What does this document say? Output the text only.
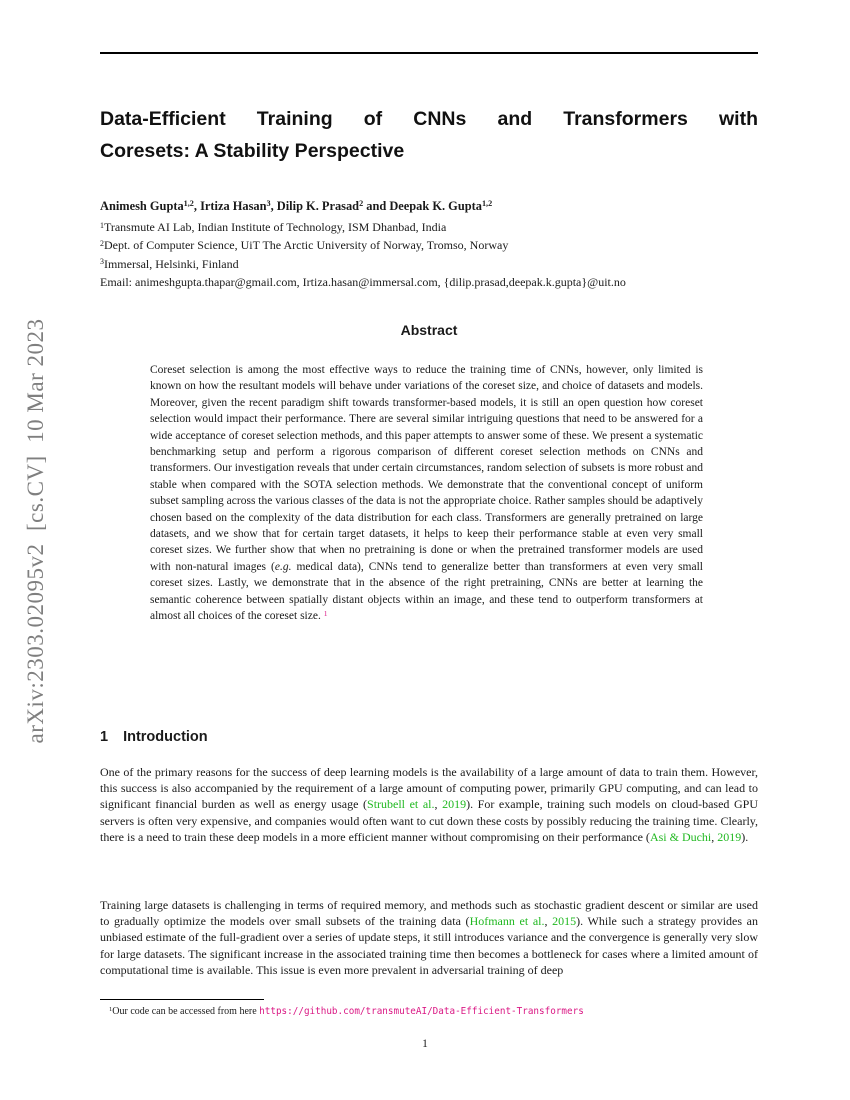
arXiv:2303.02095v2  [cs.CV]  10 Mar 2023
Data-Efficient Training of CNNs and Transformers with
Coresets: A Stability Perspective
Animesh Gupta$^{1,2}$, Irtiza Hasan$^3$, Dilip K. Prasad$^2$ and Deepak K. Gupta$^{1,2}$
$^1$Transmute AI Lab, Indian Institute of Technology, ISM Dhanbad, India
$^2$Dept. of Computer Science, UiT The Arctic University of Norway, Tromso, Norway
$^3$Immersal, Helsinki, Finland
Email: animeshgupta.thapar@gmail.com, Irtiza.hasan@immersal.com, {dilip.prasad,deepak.k.gupta}@uit.no
Abstract
Coreset selection is among the most effective ways to reduce the training time of CNNs, however, only limited is known on how the resultant models will behave under variations of the coreset size, and choice of datasets and models. Moreover, given the recent paradigm shift towards transformer-based models, it is still an open question how coreset selection would impact their performance. There are several similar intriguing questions that need to be answered for a wide acceptance of coreset selection methods, and this paper attempts to answer some of these. We present a systematic benchmarking setup and perform a rigorous comparison of different coreset selection methods on CNNs and transformers. Our investigation reveals that under certain circumstances, random selection of subsets is more robust and stable when compared with the SOTA selection methods. We demonstrate that the conventional concept of uniform subset sampling across the various classes of the data is not the appropriate choice. Rather samples should be adaptively chosen based on the complexity of the data distribution for each class. Transformers are generally pretrained on large datasets, and we show that for certain target datasets, it helps to keep their performance stable at even very small coreset sizes. We further show that when no pretraining is done or when the pretrained transformer models are used with non-natural images (e.g. medical data), CNNs tend to generalize better than transformers at even very small coreset sizes. Lastly, we demonstrate that in the absence of the right pretraining, CNNs are better at learning the semantic coherence between spatially distant objects within an image, and these tend to outperform transformers at almost all choices of the coreset size. $^1$
1 Introduction
One of the primary reasons for the success of deep learning models is the availability of a large amount of data to train them. However, this success is also accompanied by the requirement of a large amount of computing power, primarily GPU computing, and can lead to significant financial burden as well as energy usage (Strubell et al., 2019). For example, training such models on cloud-based GPU servers is often very expensive, and companies would often want to cut down these costs by possibly reducing the training time. Clearly, there is a need to train these deep models in a more efficient manner without compromising on their performance (Asi & Duchi, 2019).
Training large datasets is challenging in terms of required memory, and methods such as stochastic gradient descent or similar are used to gradually optimize the models over small subsets of the training data (Hofmann et al., 2015). While such a strategy provides an unbiased estimate of the full-gradient over a series of update steps, it still introduces variance and the convergence is generally very slow for large datasets. The significant increase in the associated training time then becomes a bottleneck for cases where a limited amount of computational time is available. This issue is even more prevalent in adversarial training of deep
$^1$Our code can be accessed from here https://github.com/transmuteAI/Data-Efficient-Transformers
1
